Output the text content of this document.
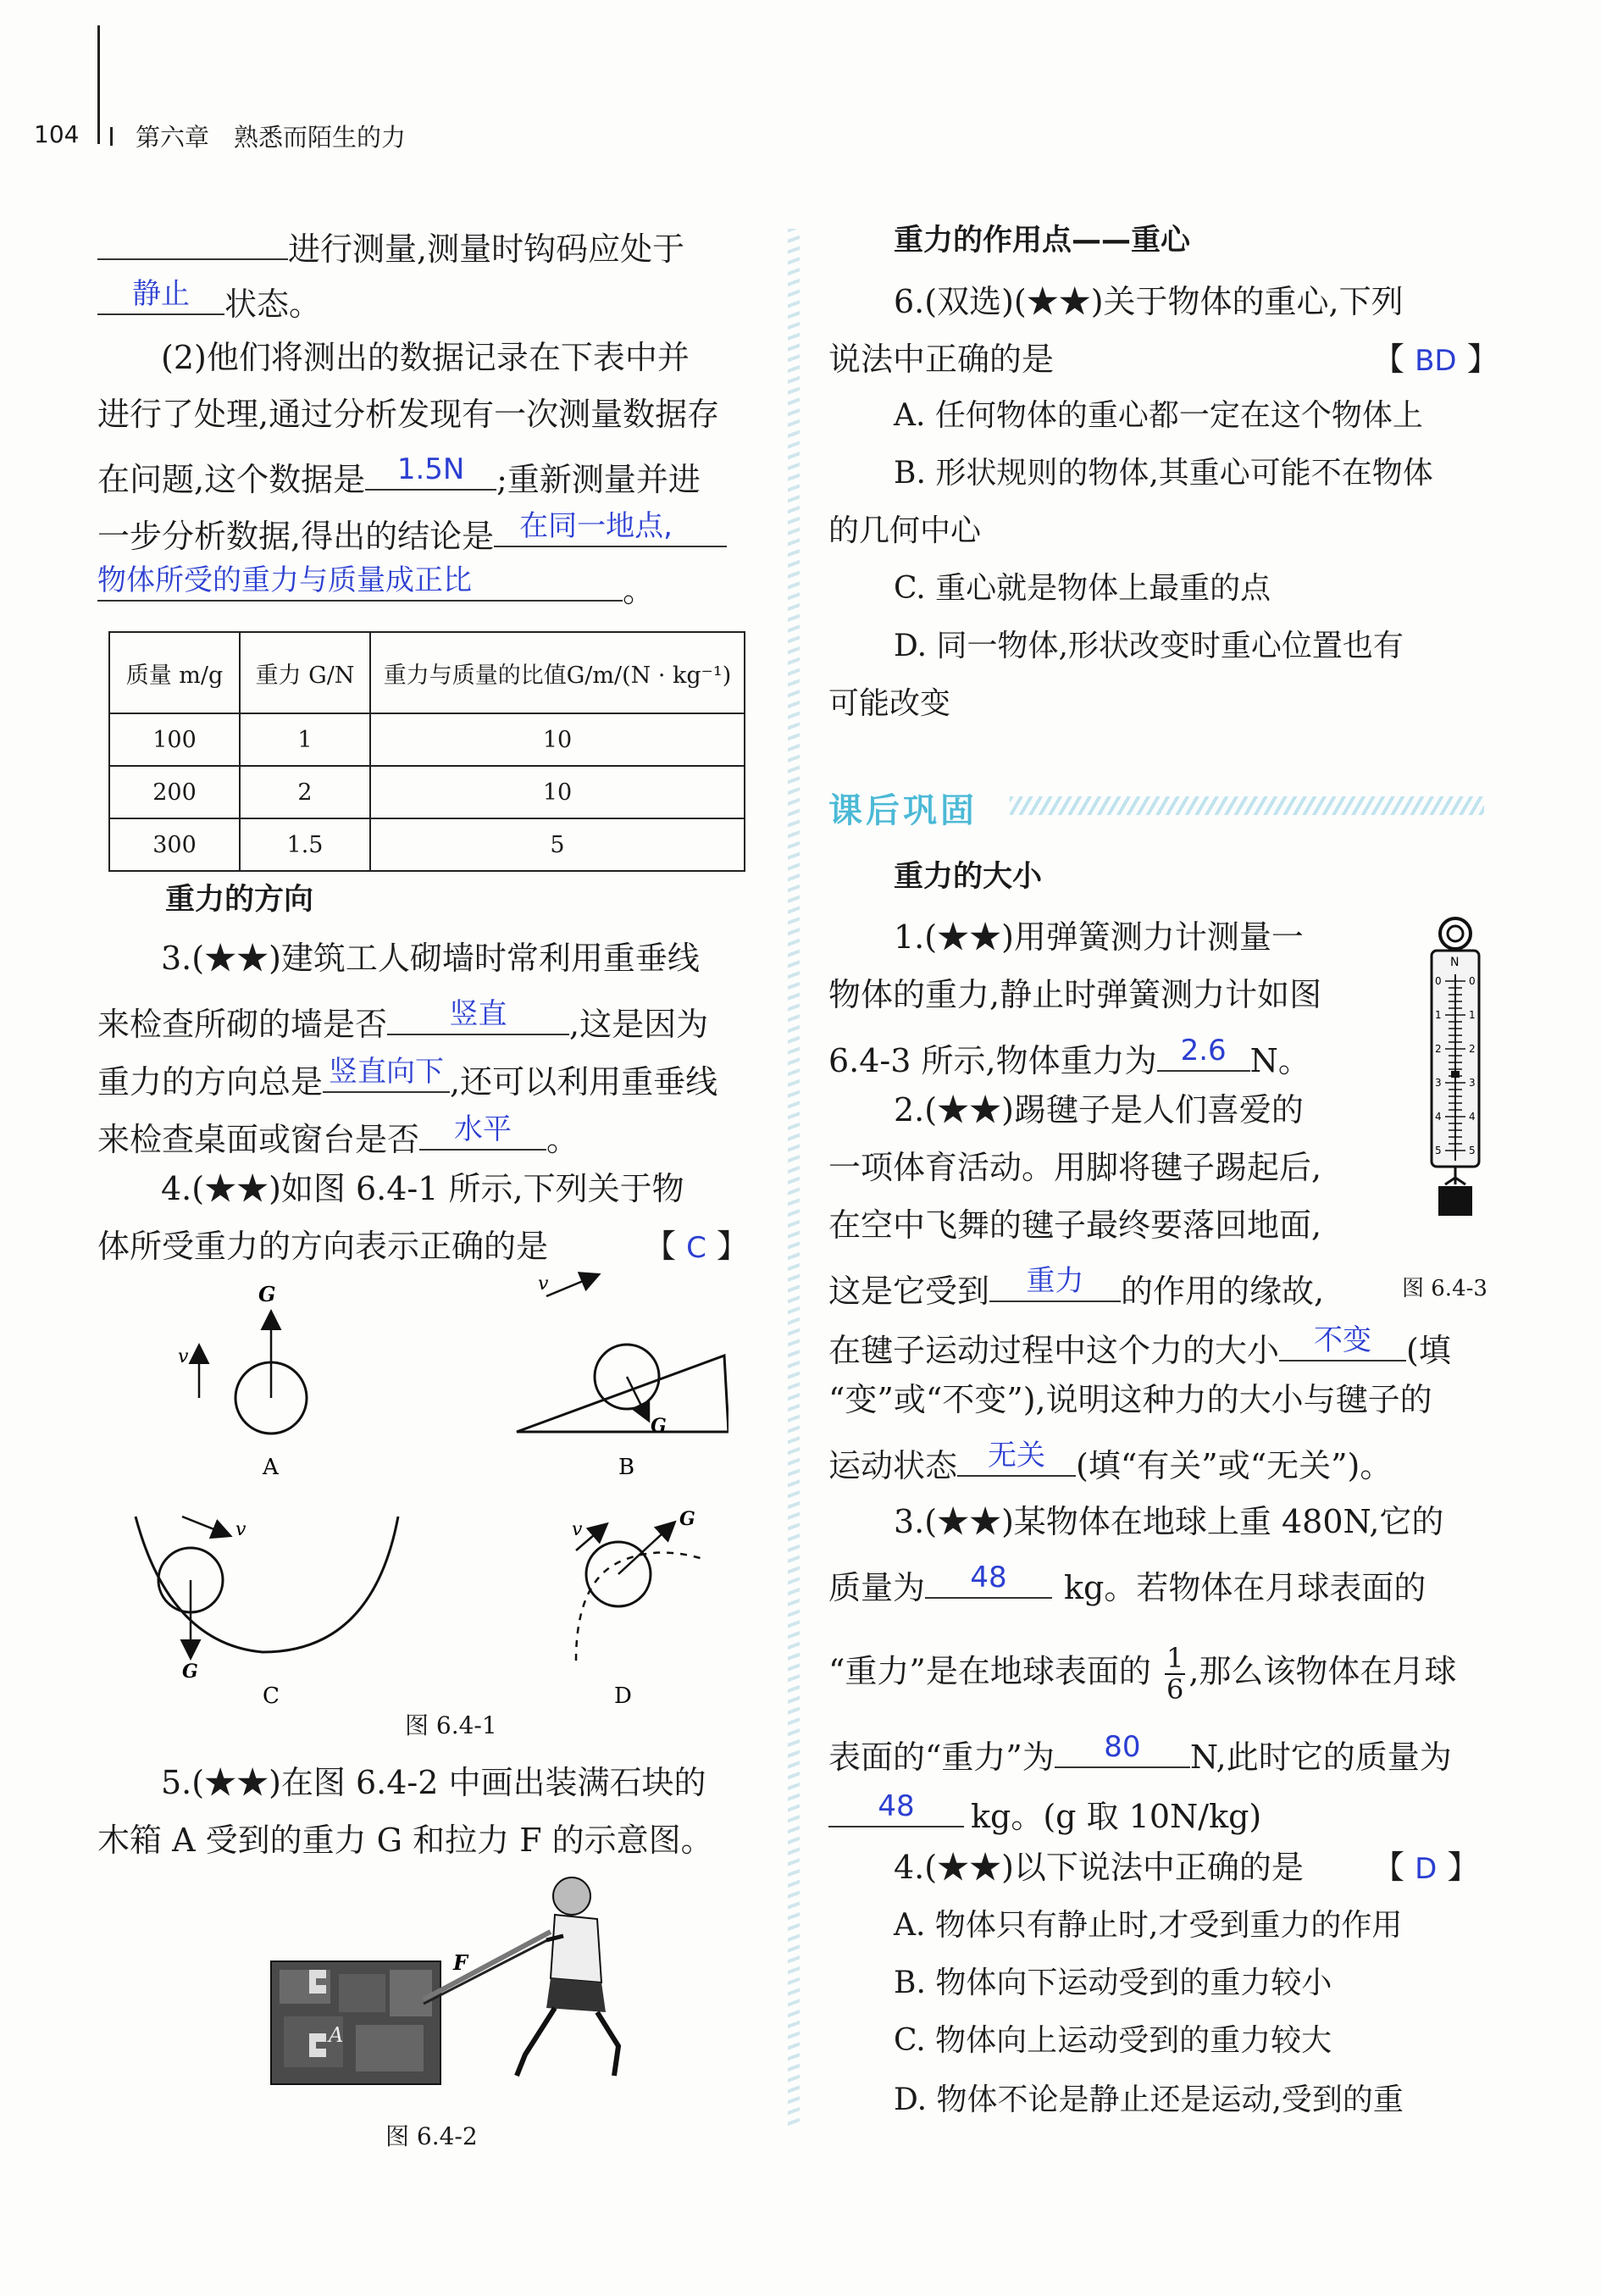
104 第六章　熟悉而陌生的力
进行测量,测量时钩码应处于
静止	状态。
(2)他们将测出的数据记录在下表中并
进行了处理,通过分析发现有一次测量数据存
在问题,这个数据是	1.5N ;重新测量并进
一步分析数据,得出的结论是 在同一地点,
物体所受的重力与质量成正比	。
质量 m/g	重力 G/N	重力与质量的比值G/m/(N · kg⁻¹)
100	1	10
200	2	10
300	1.5	5
重力的方向
3.(★★)建筑工人砌墙时常利用重垂线
来检查所砌的墙是否	竖直	,这是因为
重力的方向总是 竖直向下 ,还可以利用重垂线
来检查桌面或窗台是否	水平	。
4.(★★)如图 6.4-1 所示,下列关于物
体所受重力的方向表示正确的是	【 C 】
G
v
A
G
v
B
G
v
C
G
v
D
图 6.4-1
5.(★★)在图 6.4-2 中画出装满石块的
木箱 A 受到的重力 G 和拉力 F 的示意图。
A
F
图 6.4-2
重力的作用点——重心
6.(双选)(★★)关于物体的重心,下列
说法中正确的是	【 BD 】
A. 任何物体的重心都一定在这个物体上
B. 形状规则的物体,其重心可能不在物体
的几何中心
C. 重心就是物体上最重的点
D. 同一物体,形状改变时重心位置也有
可能改变
课后巩固
重力的大小
1.(★★)用弹簧测力计测量一
物体的重力,静止时弹簧测力计如图
6.4-3 所示,物体重力为 2.6 N。
2.(★★)踢毽子是人们喜爱的
一项体育活动。用脚将毽子踢起后,
在空中飞舞的毽子最终要落回地面,
这是它受到	重力	的作用的缘故,
N
0	0
1	1
2	2
3	3
4	4
5	5
图 6.4-3
在毽子运动过程中这个力的大小	不变	(填
“变”或“不变”),说明这种力的大小与毽子的
运动状态	无关 (填“有关”或“无关”)。
3.(★★)某物体在地球上重 480N,它的
质量为	48	kg。若物体在月球表面的
“重力”是在地球表面的 $\frac{1}{6}$ ,那么该物体在月球
表面的“重力”为	80	N,此时它的质量为
48	kg。(g 取 10N/kg)
4.(★★)以下说法中正确的是 【 D 】
A. 物体只有静止时,才受到重力的作用
B. 物体向下运动受到的重力较小
C. 物体向上运动受到的重力较大
D. 物体不论是静止还是运动,受到的重
